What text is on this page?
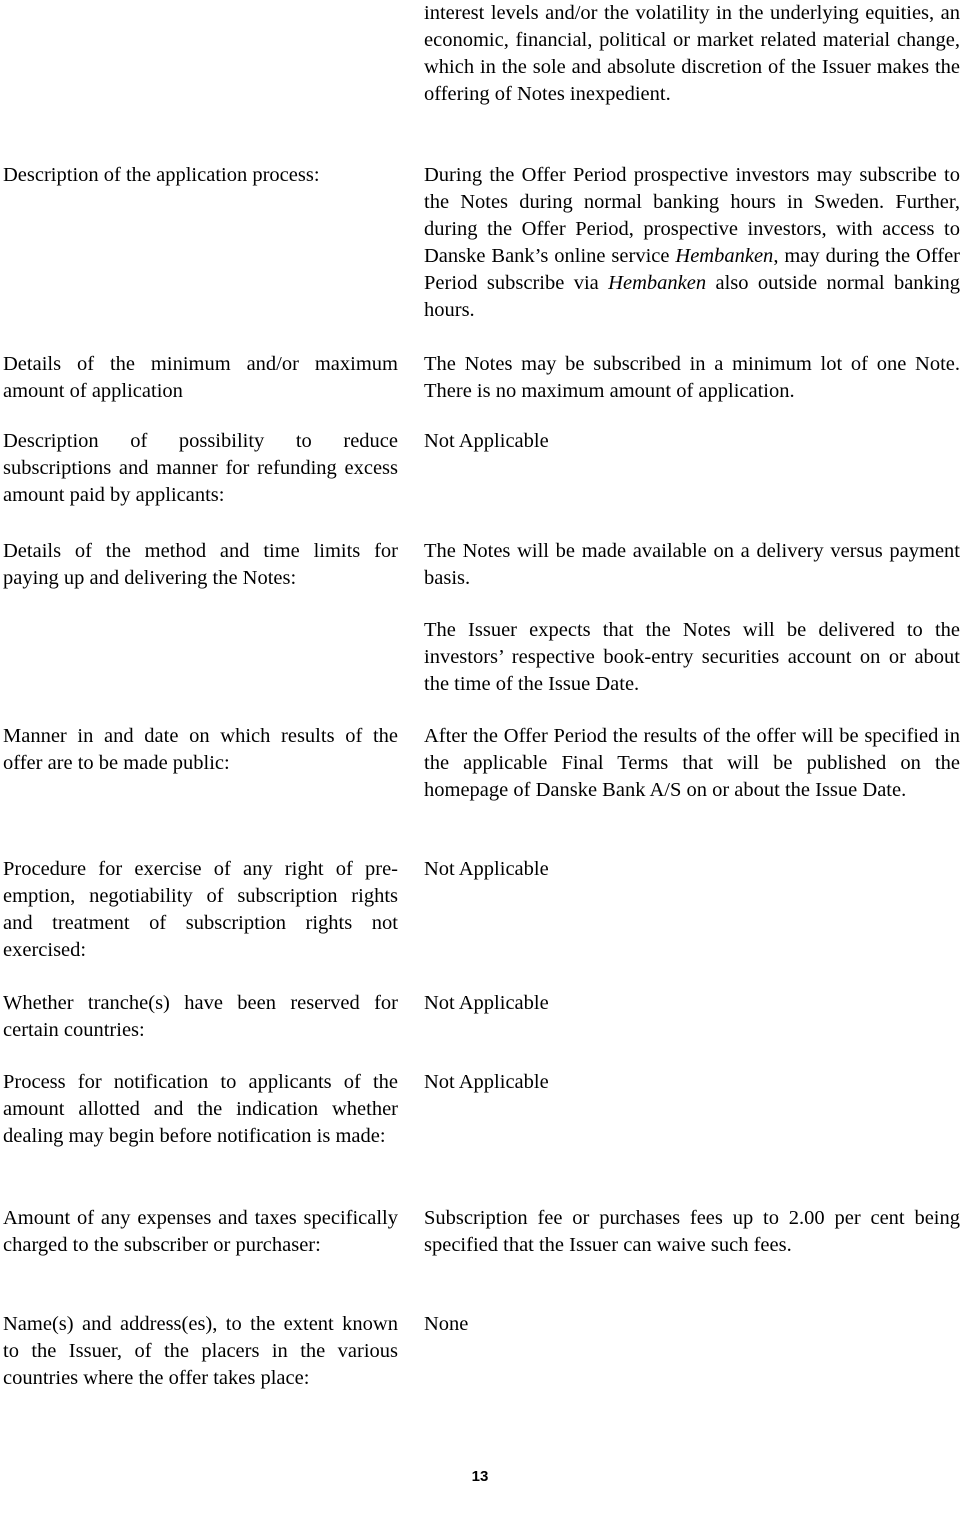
interest levels and/or the volatility in the underlying equities, an economic, financial, political or market related material change, which in the sole and absolute discretion of the Issuer makes the offering of Notes inexpedient.

Description of the application process:	During the Offer Period prospective investors may subscribe to the Notes during normal banking hours in Sweden. Further, during the Offer Period, prospective investors, with access to Danske Bank’s online service Hembanken, may during the Offer Period subscribe via Hembanken also outside normal banking hours.

Details of the minimum and/or maximum amount of application

The Notes may be subscribed in a minimum lot of one Note. There is no maximum amount of application.

Description of possibility to reduce subscriptions and manner for refunding excess amount paid by applicants:

Not Applicable

Details of the method and time limits for paying up and delivering the Notes:

The Notes will be made available on a delivery versus payment basis.

The Issuer expects that the Notes will be delivered to the investors’ respective book-entry securities account on or about the time of the Issue Date.

Manner in and date on which results of the offer are to be made public:

After the Offer Period the results of the offer will be specified in the applicable Final Terms that will be published on the homepage of Danske Bank A/S on or about the Issue Date.

Procedure for exercise of any right of pre-emption, negotiability of subscription rights and treatment of subscription rights not exercised:

Not Applicable

Whether tranche(s) have been reserved for certain countries:

Not Applicable

Process for notification to applicants of the amount allotted and the indication whether dealing may begin before notification is made:

Not Applicable

Amount of any expenses and taxes specifically charged to the subscriber or purchaser:

Subscription fee or purchases fees up to 2.00 per cent being specified that the Issuer can waive such fees.

Name(s) and address(es), to the extent known to the Issuer, of the placers in the various countries where the offer takes place:

None

13
